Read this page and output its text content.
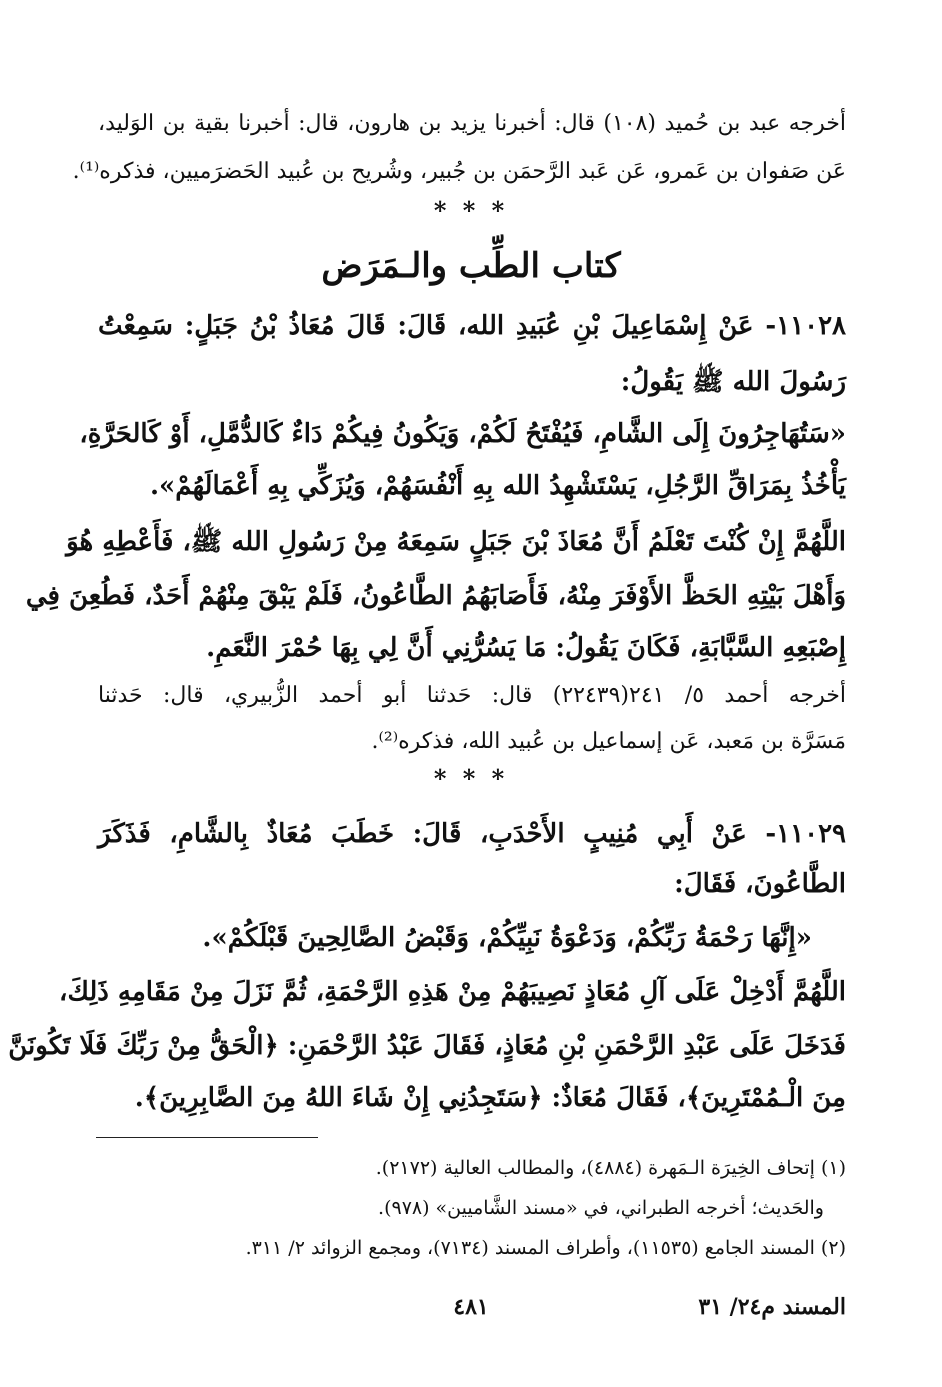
أخرجه عبد بن حُميد (١٠٨) قال: أخبرنا يزيد بن هارون، قال: أخبرنا بقية بن الوَليد،
عَن صَفوان بن عَمرو، عَن عَبد الرَّحمَن بن جُبير، وشُريح بن عُبيد الحَضرَميين، فذكره⁽¹⁾.
* * *
كتاب الطِّب والـمَرَض
١١٠٢٨- عَنْ إِسْمَاعِيلَ بْنِ عُبَيدِ الله، قَالَ: قَالَ مُعَاذُ بْنُ جَبَلٍ: سَمِعْتُ
رَسُولَ الله ﷺ يَقُولُ:
«سَتُهَاجِرُونَ إِلَى الشَّامِ، فَيُفْتَحُ لَكُمْ، وَيَكُونُ فِيكُمْ دَاءٌ كَالدُّمَّلِ، أَوْ كَالحَرَّةِ،
يَأْخُذُ بِمَرَاقِّ الرَّجُلِ، يَسْتَشْهِدُ الله بِهِ أَنْفُسَهُمْ، وَيُزَكِّي بِهِ أَعْمَالَهُمْ».
اللَّهُمَّ إِنْ كُنْتَ تَعْلَمُ أَنَّ مُعَاذَ بْنَ جَبَلٍ سَمِعَهُ مِنْ رَسُولِ الله ﷺ، فَأَعْطِهِ هُوَ
وَأَهْلَ بَيْتِهِ الحَظَّ الأَوْفَرَ مِنْهُ، فَأَصَابَهُمُ الطَّاعُونُ، فَلَمْ يَبْقَ مِنْهُمْ أَحَدٌ، فَطُعِنَ فِي
إِصْبَعِهِ السَّبَّابَةِ، فَكَانَ يَقُولُ: مَا يَسُرُّنِي أَنَّ لِي بِهَا حُمْرَ النَّعَمِ.
أخرجه أحمد ٥/ ٢٤١(٢٢٤٣٩) قال: حَدثنا أبو أحمد الزُّبيري، قال: حَدثنا
مَسَرَّة بن مَعبد، عَن إسماعيل بن عُبيد الله، فذكره⁽²⁾.
* * *
١١٠٢٩- عَنْ أَبِي مُنِيبٍ الأَحْدَبِ، قَالَ: خَطَبَ مُعَاذٌ بِالشَّامِ، فَذَكَرَ
الطَّاعُونَ، فَقَالَ:
«إِنَّهَا رَحْمَةُ رَبِّكُمْ، وَدَعْوَةُ نَبِيِّكُمْ، وَقَبْضُ الصَّالِحِينَ قَبْلَكُمْ».
اللَّهُمَّ أَدْخِلْ عَلَى آلِ مُعَاذٍ نَصِيبَهُمْ مِنْ هَذِهِ الرَّحْمَةِ، ثُمَّ نَزَلَ مِنْ مَقَامِهِ ذَلِكَ،
فَدَخَلَ عَلَى عَبْدِ الرَّحْمَنِ بْنِ مُعَاذٍ، فَقَالَ عَبْدُ الرَّحْمَنِ: ﴿الْحَقُّ مِنْ رَبِّكَ فَلَا تَكُونَنَّ
مِنَ الْـمُمْتَرِينَ﴾، فَقَالَ مُعَاذٌ: ﴿سَتَجِدُنِي إِنْ شَاءَ اللهُ مِنَ الصَّابِرِينَ﴾.
(١) إتحاف الخِيرَة الـمَهرة (٤٨٨٤)، والمطالب العالية (٢١٧٢).
والحَديث؛ أخرجه الطبراني، في «مسند الشَّاميين» (٩٧٨).
(٢) المسند الجامع (١١٥٣٥)، وأطراف المسند (٧١٣٤)، ومجمع الزوائد ٢/ ٣١١.
المسند م٢٤/ ٣١
٤٨١
